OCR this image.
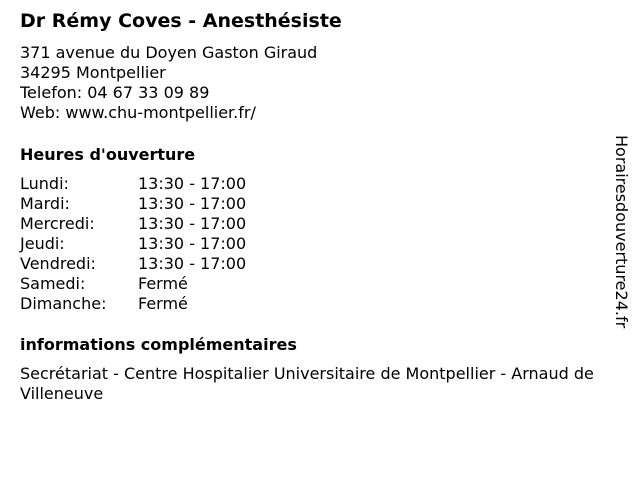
Dr Rémy Coves - Anesthésiste
371 avenue du Doyen Gaston Giraud
34295 Montpellier
Telefon: 04 67 33 09 89
Web: www.chu-montpellier.fr/
Heures d'ouverture
Lundi:	13:30 - 17:00
Mardi:	13:30 - 17:00
Mercredi:	13:30 - 17:00
Jeudi:	13:30 - 17:00
Vendredi:	13:30 - 17:00
Samedi:	Fermé
Dimanche: Fermé
informations complémentaires
Secrétariat - Centre Hospitalier Universitaire de Montpellier - Arnaud de Villeneuve
Horairesdouverture24.fr
